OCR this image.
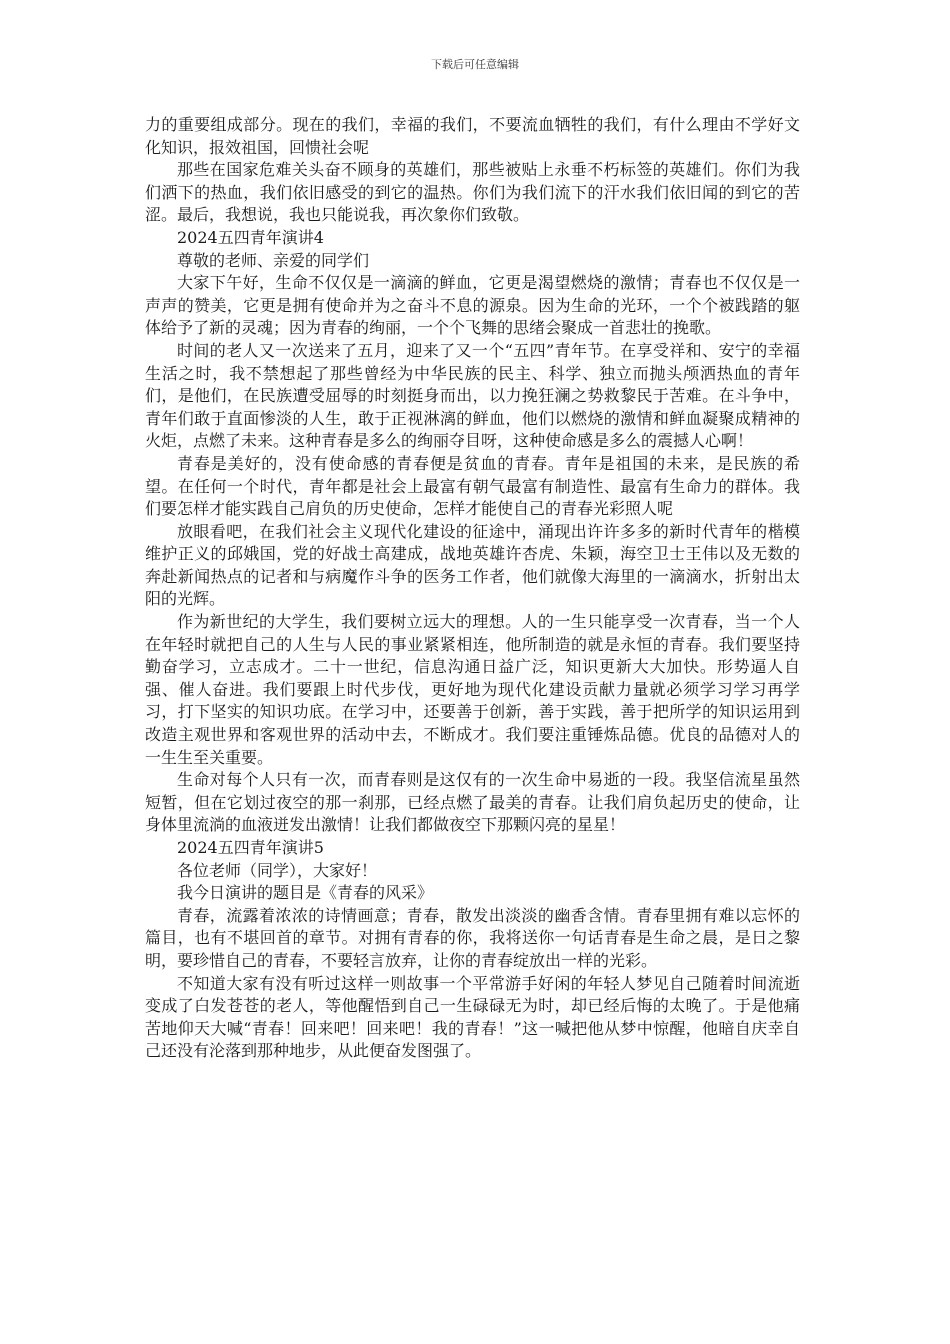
下载后可任意编辑

力的重要组成部分。现在的我们，幸福的我们，不要流血牺牲的我们，有什么理由不学好文化知识，报效祖国，回愦社会呢

那些在国家危难关头奋不顾身的英雄们，那些被贴上永垂不朽标签的英雄们。你们为我们洒下的热血，我们依旧感受的到它的温热。你们为我们流下的汗水我们依旧闻的到它的苦涩。最后，我想说，我也只能说我，再次象你们致敬。

2024五四青年演讲4

尊敬的老师、亲爱的同学们

大家下午好，生命不仅仅是一滴滴的鲜血，它更是渴望燃烧的激情；青春也不仅仅是一声声的赞美，它更是拥有使命并为之奋斗不息的源泉。因为生命的光环，一个个被践踏的躯体给予了新的灵魂；因为青春的绚丽，一个个飞舞的思绪会聚成一首悲壮的挽歌。

时间的老人又一次送来了五月，迎来了又一个“五四”青年节。在享受祥和、安宁的幸福生活之时，我不禁想起了那些曾经为中华民族的民主、科学、独立而抛头颅洒热血的青年们，是他们，在民族遭受屈辱的时刻挺身而出，以力挽狂澜之势救黎民于苦难。在斗争中，青年们敢于直面惨淡的人生，敢于正视淋漓的鲜血，他们以燃烧的激情和鲜血凝聚成精神的火炬，点燃了未来。这种青春是多么的绚丽夺目呀，这种使命感是多么的震撼人心啊！

青春是美好的，没有使命感的青春便是贫血的青春。青年是祖国的未来，是民族的希望。在任何一个时代，青年都是社会上最富有朝气最富有制造性、最富有生命力的群体。我们要怎样才能实践自己肩负的历史使命，怎样才能使自己的青春光彩照人呢

放眼看吧，在我们社会主义现代化建设的征途中，涌现出许许多多的新时代青年的楷模维护正义的邱娥国，党的好战士高建成，战地英雄许杏虎、朱颖，海空卫士王伟以及无数的奔赴新闻热点的记者和与病魔作斗争的医务工作者，他们就像大海里的一滴滴水，折射出太阳的光辉。

作为新世纪的大学生，我们要树立远大的理想。人的一生只能享受一次青春，当一个人在年轻时就把自己的人生与人民的事业紧紧相连，他所制造的就是永恒的青春。我们要坚持勤奋学习，立志成才。二十一世纪，信息沟通日益广泛，知识更新大大加快。形势逼人自强、催人奋进。我们要跟上时代步伐，更好地为现代化建设贡献力量就必须学习学习再学习，打下坚实的知识功底。在学习中，还要善于创新，善于实践，善于把所学的知识运用到改造主观世界和客观世界的活动中去，不断成才。我们要注重锤炼品德。优良的品德对人的一生生至关重要。

生命对每个人只有一次，而青春则是这仅有的一次生命中易逝的一段。我坚信流星虽然短暂，但在它划过夜空的那一刹那，已经点燃了最美的青春。让我们肩负起历史的使命，让身体里流淌的血液迸发出激情！让我们都做夜空下那颗闪亮的星星！

2024五四青年演讲5

各位老师（同学），大家好！

我今日演讲的题目是《青春的风采》

青春，流露着浓浓的诗情画意；青春，散发出淡淡的幽香含情。青春里拥有难以忘怀的篇目，也有不堪回首的章节。对拥有青春的你，我将送你一句话青春是生命之晨，是日之黎明，要珍惜自己的青春，不要轻言放弃，让你的青春绽放出一样的光彩。

不知道大家有没有听过这样一则故事一个平常游手好闲的年轻人梦见自己随着时间流逝变成了白发苍苍的老人，等他醒悟到自己一生碌碌无为时，却已经后悔的太晚了。于是他痛苦地仰天大喊“青春！回来吧！回来吧！我的青春！”这一喊把他从梦中惊醒，他暗自庆幸自己还没有沦落到那种地步，从此便奋发图强了。
